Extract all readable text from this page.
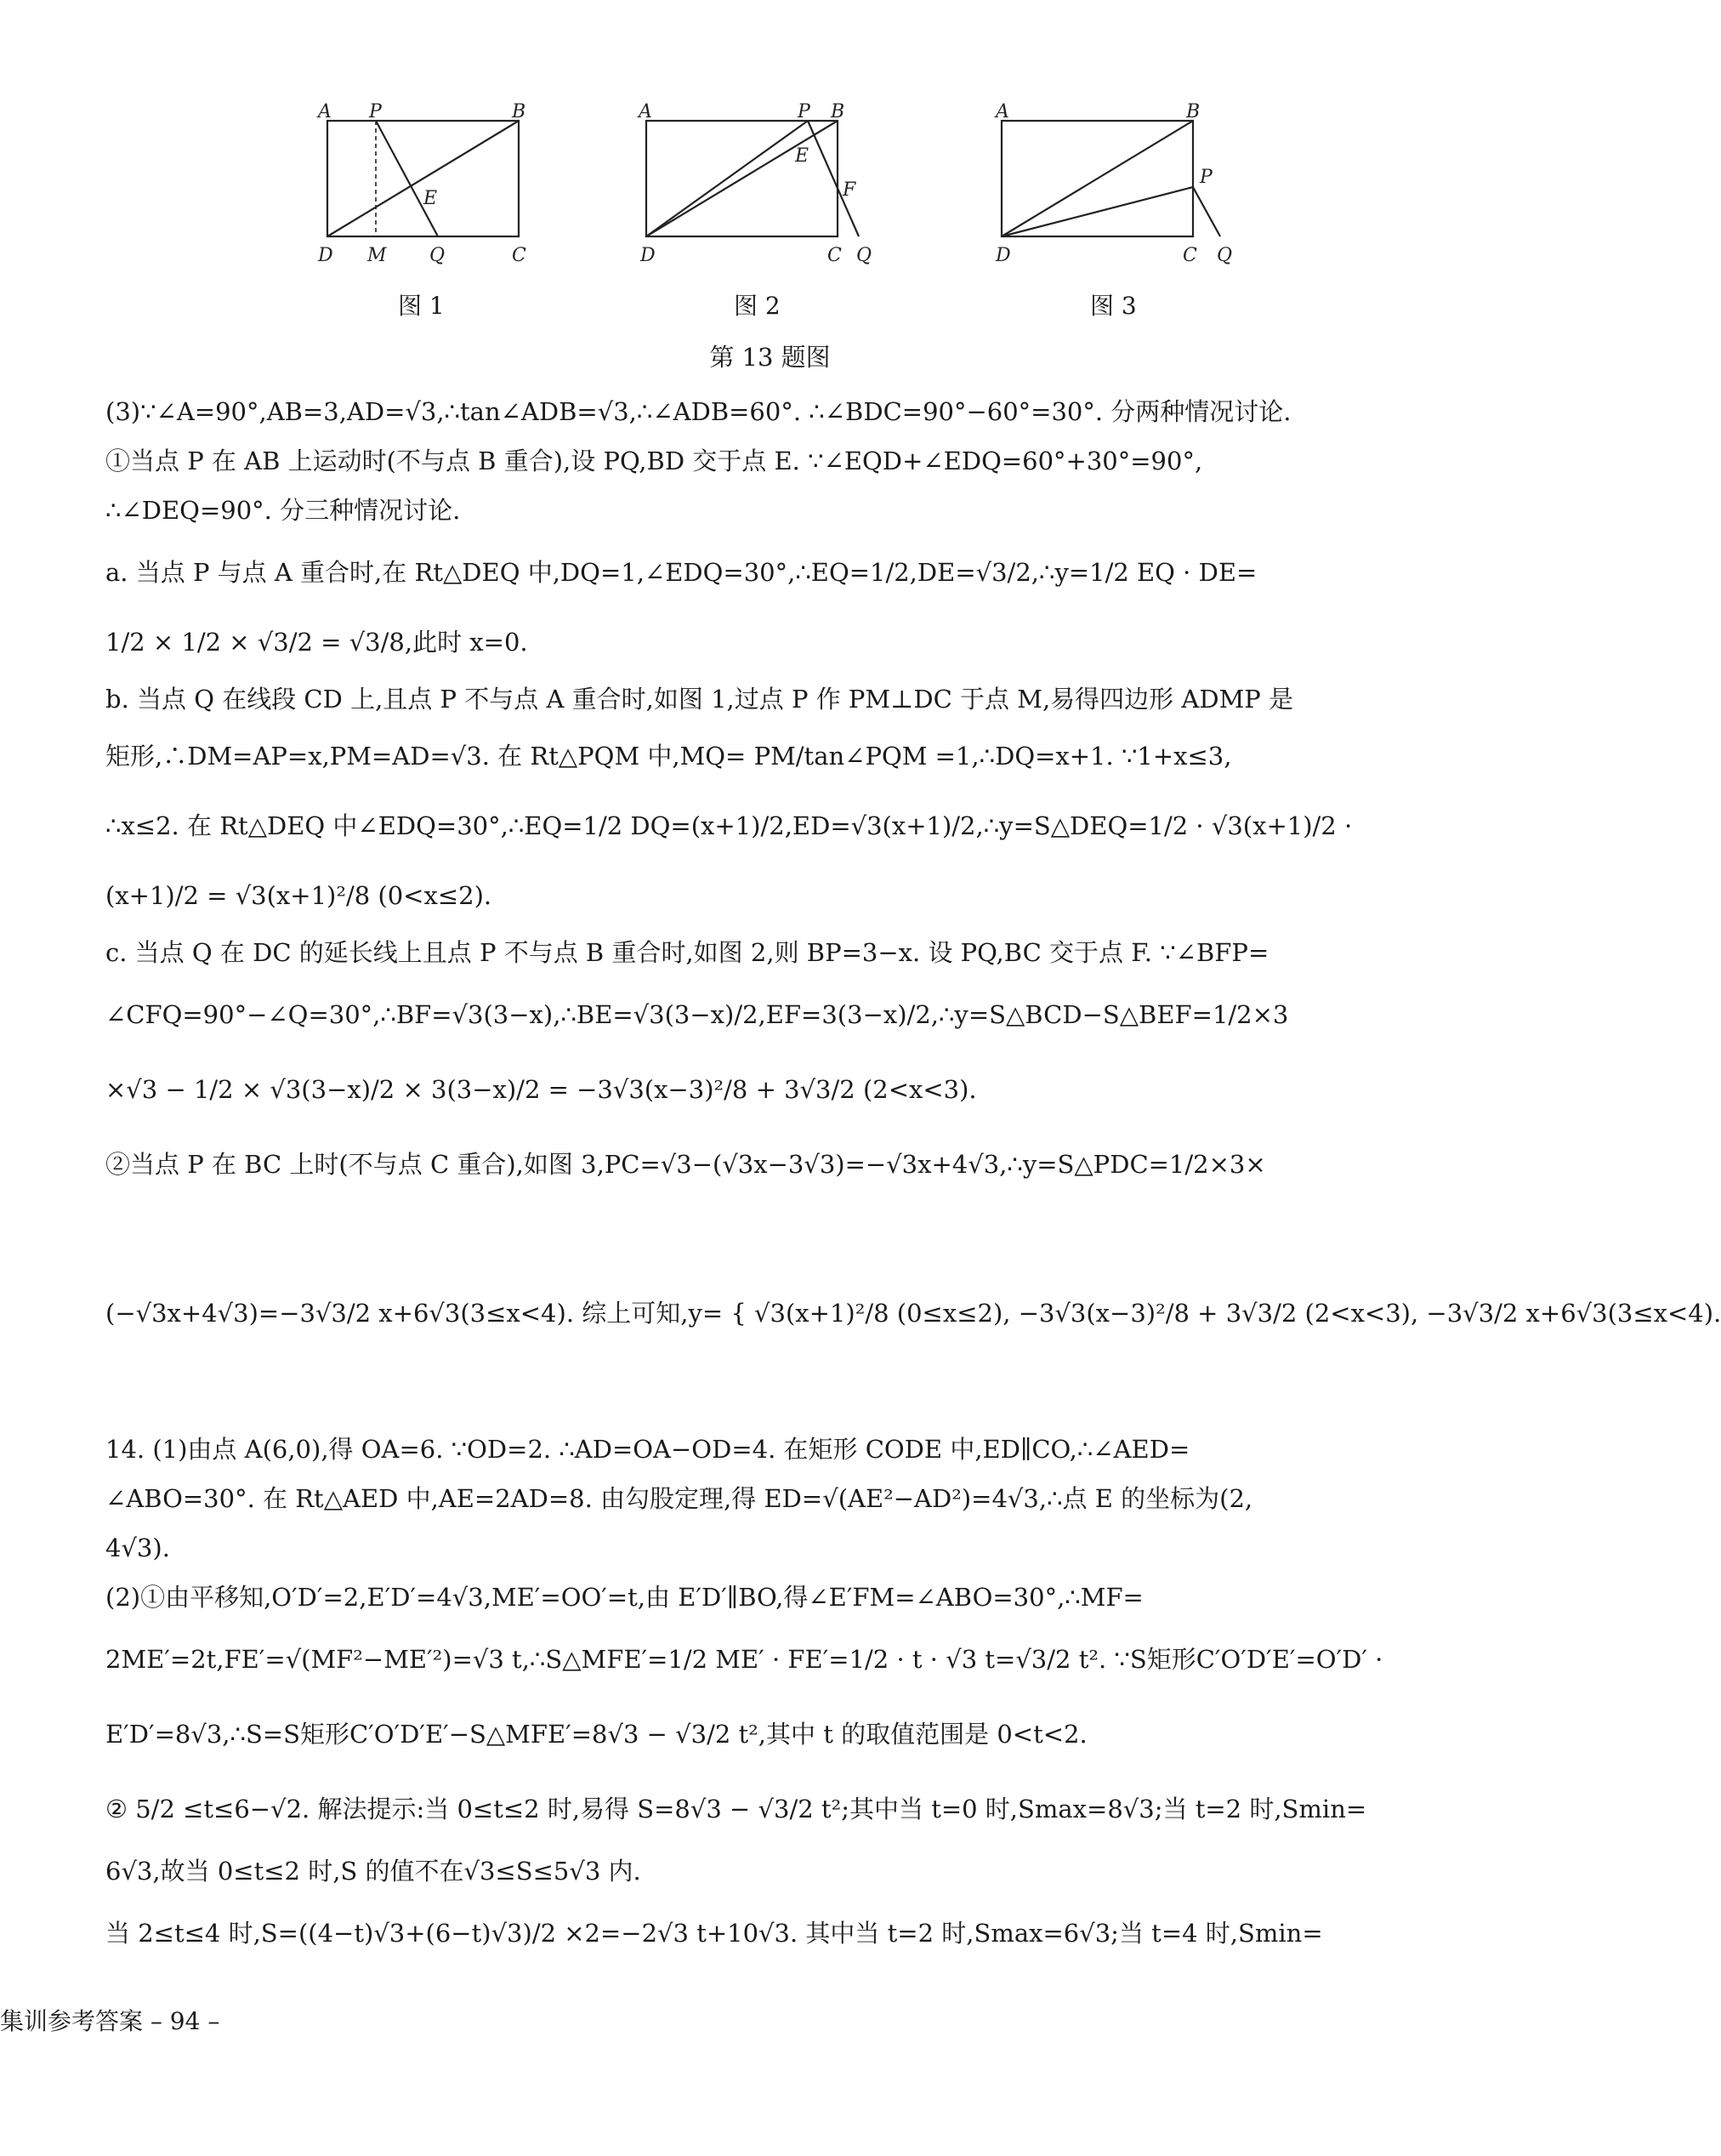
A P	B
E
D M Q	C
A	P B
E
F
D	C Q
A	B
P
D	C Q
图 1	图 2	图 3
第 13 题图
(3)∵∠A=90°,AB=3,AD=√3,∴tan∠ADB=√3,∴∠ADB=60°. ∴∠BDC=90°−60°=30°. 分两种情况讨论.
①当点 P 在 AB 上运动时(不与点 B 重合),设 PQ,BD 交于点 E. ∵∠EQD+∠EDQ=60°+30°=90°,
∴∠DEQ=90°. 分三种情况讨论.
a. 当点 P 与点 A 重合时,在 Rt△DEQ 中,DQ=1,∠EDQ=30°,∴EQ=1/2,DE=√3/2,∴y=1/2 EQ · DE=
1/2 × 1/2 × √3/2 = √3/8,此时 x=0.
b. 当点 Q 在线段 CD 上,且点 P 不与点 A 重合时,如图 1,过点 P 作 PM⊥DC 于点 M,易得四边形 ADMP 是
矩形,∴DM=AP=x,PM=AD=√3. 在 Rt△PQM 中,MQ= PM/tan∠PQM =1,∴DQ=x+1. ∵1+x≤3,
∴x≤2. 在 Rt△DEQ 中∠EDQ=30°,∴EQ=1/2 DQ=(x+1)/2,ED=√3(x+1)/2,∴y=S△DEQ=1/2 · √3(x+1)/2 ·
(x+1)/2 = √3(x+1)²/8 (0<x≤2).
c. 当点 Q 在 DC 的延长线上且点 P 不与点 B 重合时,如图 2,则 BP=3−x. 设 PQ,BC 交于点 F. ∵∠BFP=
∠CFQ=90°−∠Q=30°,∴BF=√3(3−x),∴BE=√3(3−x)/2,EF=3(3−x)/2,∴y=S△BCD−S△BEF=1/2×3
×√3 − 1/2 × √3(3−x)/2 × 3(3−x)/2 = −3√3(x−3)²/8 + 3√3/2 (2<x<3).
②当点 P 在 BC 上时(不与点 C 重合),如图 3,PC=√3−(√3x−3√3)=−√3x+4√3,∴y=S△PDC=1/2×3×
(−√3x+4√3)=−3√3/2 x+6√3(3≤x<4). 综上可知,y= { √3(x+1)²/8 (0≤x≤2), −3√3(x−3)²/8 + 3√3/2 (2<x<3), −3√3/2 x+6√3(3≤x<4).
14. (1)由点 A(6,0),得 OA=6. ∵OD=2. ∴AD=OA−OD=4. 在矩形 CODE 中,ED∥CO,∴∠AED=
∠ABO=30°. 在 Rt△AED 中,AE=2AD=8. 由勾股定理,得 ED=√(AE²−AD²)=4√3,∴点 E 的坐标为(2,
4√3).
(2)①由平移知,O′D′=2,E′D′=4√3,ME′=OO′=t,由 E′D′∥BO,得∠E′FM=∠ABO=30°,∴MF=
2ME′=2t,FE′=√(MF²−ME′²)=√3 t,∴S△MFE′=1/2 ME′ · FE′=1/2 · t · √3 t=√3/2 t². ∵S矩形C′O′D′E′=O′D′ ·
E′D′=8√3,∴S=S矩形C′O′D′E′−S△MFE′=8√3 − √3/2 t²,其中 t 的取值范围是 0<t<2.
② 5/2 ≤t≤6−√2. 解法提示:当 0≤t≤2 时,易得 S=8√3 − √3/2 t²;其中当 t=0 时,Smax=8√3;当 t=2 时,Smin=
6√3,故当 0≤t≤2 时,S 的值不在√3≤S≤5√3 内.
当 2≤t≤4 时,S=((4−t)√3+(6−t)√3)/2 ×2=−2√3 t+10√3. 其中当 t=2 时,Smax=6√3;当 t=4 时,Smin=
集训参考答案 – 94 –
